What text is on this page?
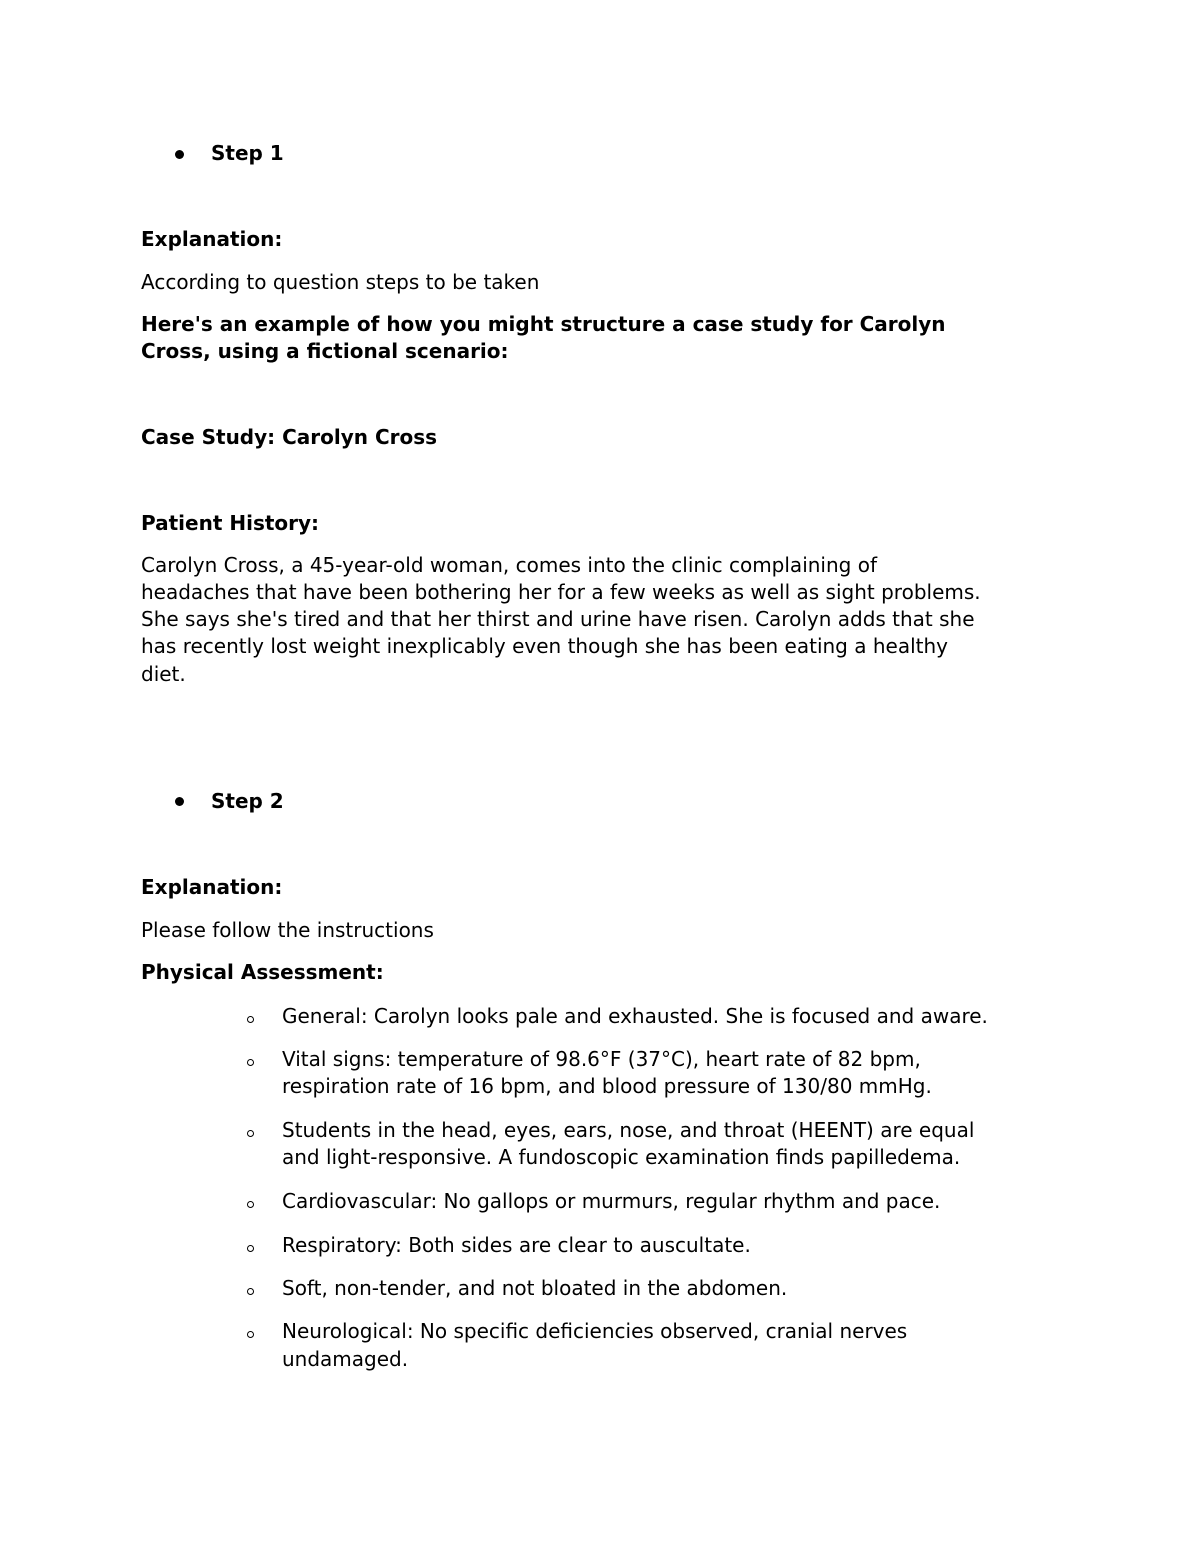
Step 1
Explanation:
According to question steps to be taken
Here's an example of how you might structure a case study for Carolyn
Cross, using a fictional scenario:
Case Study: Carolyn Cross
Patient History:
Carolyn Cross, a 45-year-old woman, comes into the clinic complaining of
headaches that have been bothering her for a few weeks as well as sight problems.
She says she's tired and that her thirst and urine have risen. Carolyn adds that she
has recently lost weight inexplicably even though she has been eating a healthy
diet.
Step 2
Explanation:
Please follow the instructions
Physical Assessment:
General: Carolyn looks pale and exhausted. She is focused and aware.
Vital signs: temperature of 98.6°F (37°C), heart rate of 82 bpm,
respiration rate of 16 bpm, and blood pressure of 130/80 mmHg.
Students in the head, eyes, ears, nose, and throat (HEENT) are equal
and light-responsive. A fundoscopic examination finds papilledema.
Cardiovascular: No gallops or murmurs, regular rhythm and pace.
Respiratory: Both sides are clear to auscultate.
Soft, non-tender, and not bloated in the abdomen.
Neurological: No specific deficiencies observed, cranial nerves
undamaged.
